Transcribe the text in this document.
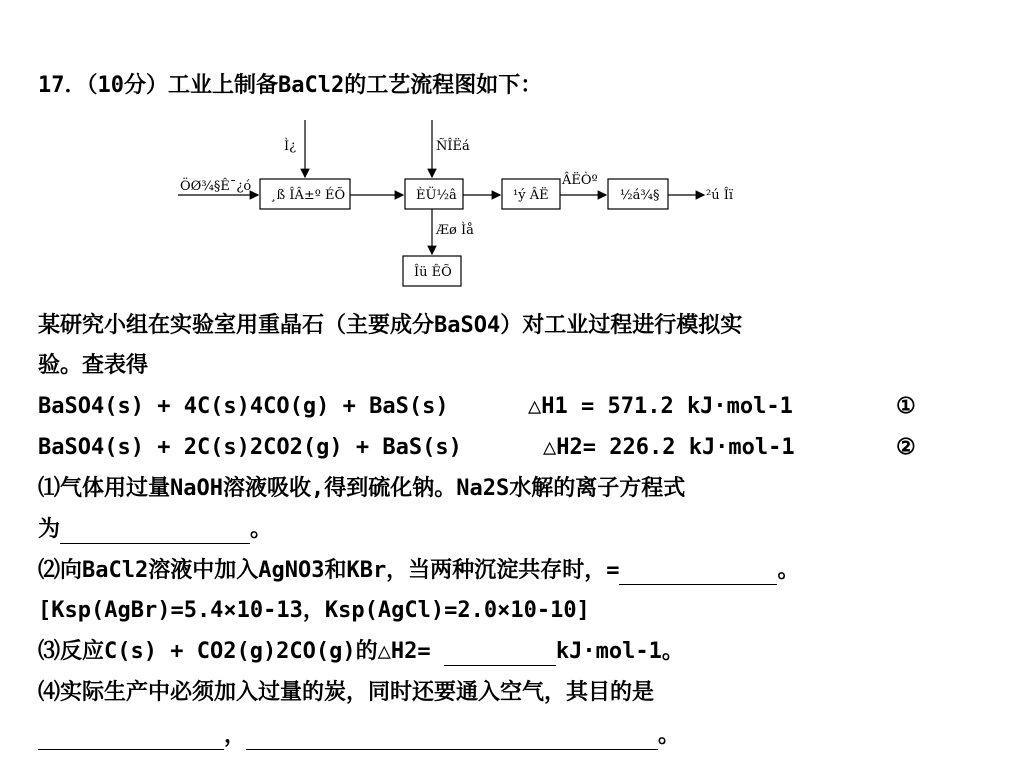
17．（10分）工业上制备BaCl2的工艺流程图如下：
ÖØ¾§Ê¯¿ó
¸ß ÎÂ±º ÉÕ
Ì¿
ÈÜ½â
ÑÎËá
¹ý ÂË
ÂËÒº
½á¾§	²ú Îï
Æø Ìå
Îü ÊÕ
某研究小组在实验室用重晶石（主要成分BaSO4）对工业过程进行模拟实
验。查表得
BaSO4(s) + 4C(s)4CO(g) + BaS(s)	△H1 = 571.2 kJ·mol-1	①
BaSO4(s) + 2C(s)2CO2(g) + BaS(s)	△H2= 226.2 kJ·mol-1	②
⑴气体用过量NaOH溶液吸收,得到硫化钠。Na2S水解的离子方程式
为	。
⑵向BaCl2溶液中加入AgNO3和KBr，当两种沉淀共存时，=	。
[Ksp(AgBr)=5.4×10-13，Ksp(AgCl)=2.0×10-10]
⑶反应C(s) + CO2(g)2CO(g)的△H2=	kJ·mol-1。
⑷实际生产中必须加入过量的炭，同时还要通入空气，其目的是
，	。
